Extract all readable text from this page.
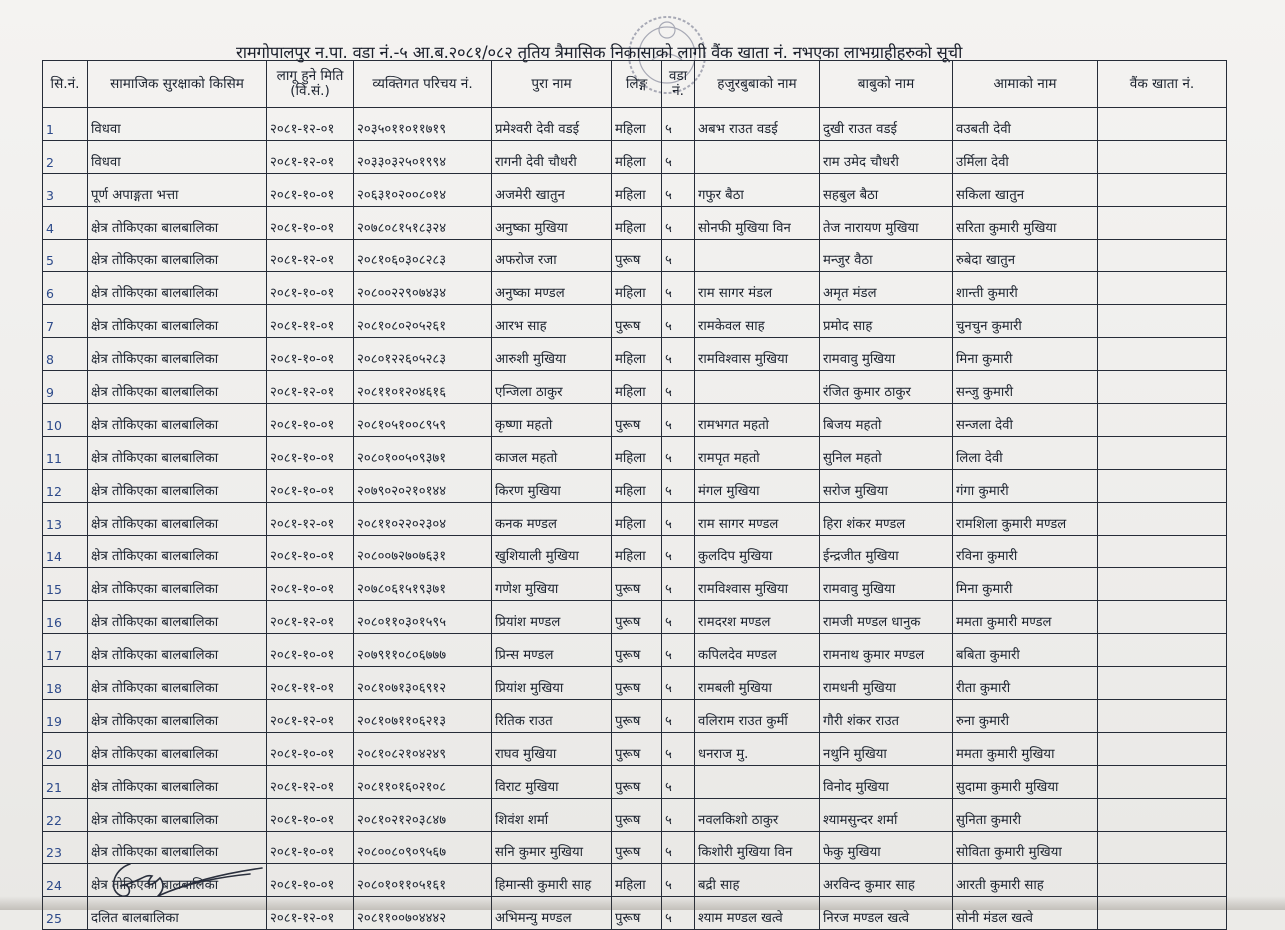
रामगोपालपुर न.पा. वडा नं.-५ आ.ब.२०८१/०८२ तृतिय त्रैमासिक निकासाको लागी वैंक खाता नं. नभएका लाभग्राहीहरुको सूची
सि.नं.	सामाजिक सुरक्षाको किसिम	लागू हुने मिति (वि.सं.)	व्यक्तिगत परिचय नं.	पुरा नाम	लिङ्ग	वडा नं.	हजुरबुबाको नाम	बाबुको नाम	आमाको नाम	वैंक खाता नं.
1	विधवा	२०८१-१२-०१	२०३५०११०११७१९	प्रमेश्वरी देवी वडई	महिला	५	अबभ राउत वडई	दुखी राउत वडई	वउबती देवी	
2	विधवा	२०८१-१२-०१	२०३३०३२५०१९९४	रागनी देवी चौधरी	महिला	५		राम उमेद चौधरी	उर्मिला देवी	
3	पूर्ण अपाङ्गता भत्ता	२०८१-१०-०१	२०६३१०२००८०१४	अजमेरी खातुन	महिला	५	गफुर बैठा	सहबुल बैठा	सकिला खातुन	
4	क्षेत्र तोकिएका बालबालिका	२०८१-१०-०१	२०७८०८१५१८३२४	अनुष्का मुखिया	महिला	५	सोनफी मुखिया विन	तेज नारायण मुखिया	सरिता कुमारी मुखिया	
5	क्षेत्र तोकिएका बालबालिका	२०८१-१२-०१	२०८१०६०३०८२८३	अफरोज रजा	पुरूष	५		मन्जुर वैठा	रुबेदा खातुन	
6	क्षेत्र तोकिएका बालबालिका	२०८१-१०-०१	२०८००२२९०७४३४	अनुष्का मण्डल	महिला	५	राम सागर मंडल	अमृत मंडल	शान्ती कुमारी	
7	क्षेत्र तोकिएका बालबालिका	२०८१-११-०१	२०८१०८०२०५२६१	आरभ साह	पुरूष	५	रामकेवल साह	प्रमोद साह	चुनचुन कुमारी	
8	क्षेत्र तोकिएका बालबालिका	२०८१-१०-०१	२०८०१२२६०५२८३	आरुशी मुखिया	महिला	५	रामविश्वास मुखिया	रामवावु मुखिया	मिना कुमारी	
9	क्षेत्र तोकिएका बालबालिका	२०८१-१२-०१	२०८११०१२०४६१६	एन्जिला ठाकुर	महिला	५		रंजित कुमार ठाकुर	सन्जु कुमारी	
10	क्षेत्र तोकिएका बालबालिका	२०८१-१०-०१	२०८१०५१००८९५९	कृष्णा महतो	पुरूष	५	रामभगत महतो	बिजय महतो	सन्जला देवी	
11	क्षेत्र तोकिएका बालबालिका	२०८१-१०-०१	२०८०१००५०९३७१	काजल महतो	महिला	५	रामपृत महतो	सुनिल महतो	लिला देवी	
12	क्षेत्र तोकिएका बालबालिका	२०८१-१०-०१	२०७९०२०२१०१४४	किरण मुखिया	महिला	५	मंगल मुखिया	सरोज मुखिया	गंगा कुमारी	
13	क्षेत्र तोकिएका बालबालिका	२०८१-१२-०१	२०८११०२२०२३०४	कनक मण्डल	महिला	५	राम सागर मण्डल	हिरा शंकर मण्डल	रामशिला कुमारी मण्डल	
14	क्षेत्र तोकिएका बालबालिका	२०८१-१०-०१	२०८००७२७०७६३१	खुशियाली मुखिया	महिला	५	कुलदिप मुखिया	ईन्द्रजीत मुखिया	रविना कुमारी	
15	क्षेत्र तोकिएका बालबालिका	२०८१-१०-०१	२०७८०६१५१९३७१	गणेश मुखिया	पुरूष	५	रामविश्वास मुखिया	रामवावु मुखिया	मिना कुमारी	
16	क्षेत्र तोकिएका बालबालिका	२०८१-१२-०१	२०८०११०३०१५९५	प्रियांश मण्डल	पुरूष	५	रामदरश मण्डल	रामजी मण्डल धानुक	ममता कुमारी मण्डल	
17	क्षेत्र तोकिएका बालबालिका	२०८१-१०-०१	२०७९११०८०६७७७	प्रिन्स मण्डल	पुरूष	५	कपिलदेव मण्डल	रामनाथ कुमार मण्डल	बबिता कुमारी	
18	क्षेत्र तोकिएका बालबालिका	२०८१-११-०१	२०८१०७१३०६९१२	प्रियांश मुखिया	पुरूष	५	रामबली मुखिया	रामधनी मुखिया	रीता कुमारी	
19	क्षेत्र तोकिएका बालबालिका	२०८१-१२-०१	२०८१०७११०६२१३	रितिक राउत	पुरूष	५	वलिराम राउत कुर्मी	गौरी शंकर राउत	रुना कुमारी	
20	क्षेत्र तोकिएका बालबालिका	२०८१-१०-०१	२०८१०८२१०४२४९	राघव मुखिया	पुरूष	५	धनराज मु.	नथुनि मुखिया	ममता कुमारी मुखिया	
21	क्षेत्र तोकिएका बालबालिका	२०८१-१२-०१	२०८११०१६०२१०८	विराट मुखिया	पुरूष	५		विनोद मुखिया	सुदामा कुमारी मुखिया	
22	क्षेत्र तोकिएका बालबालिका	२०८१-१०-०१	२०८१०२१२०३८४७	शिवंश शर्मा	पुरूष	५	नवलकिशो ठाकुर	श्यामसुन्दर शर्मा	सुनिता कुमारी	
23	क्षेत्र तोकिएका बालबालिका	२०८१-१०-०१	२०८००८०९०९५६७	सनि कुमार मुखिया	पुरूष	५	किशोरी मुखिया विन	फेकु मुखिया	सोविता कुमारी मुखिया	
24	क्षेत्र तोकिएका बालबालिका	२०८१-१०-०१	२०८०१०११०५१६१	हिमान्सी कुमारी साह	महिला	५	बद्री साह	अरविन्द कुमार साह	आरती कुमारी साह	
25	दलित बालबालिका	२०८१-१२-०१	२०८११००७०४४४२	अभिमन्यु मण्डल	पुरूष	५	श्याम मण्डल खत्वे	निरज मण्डल खत्वे	सोनी मंडल खत्वे	
